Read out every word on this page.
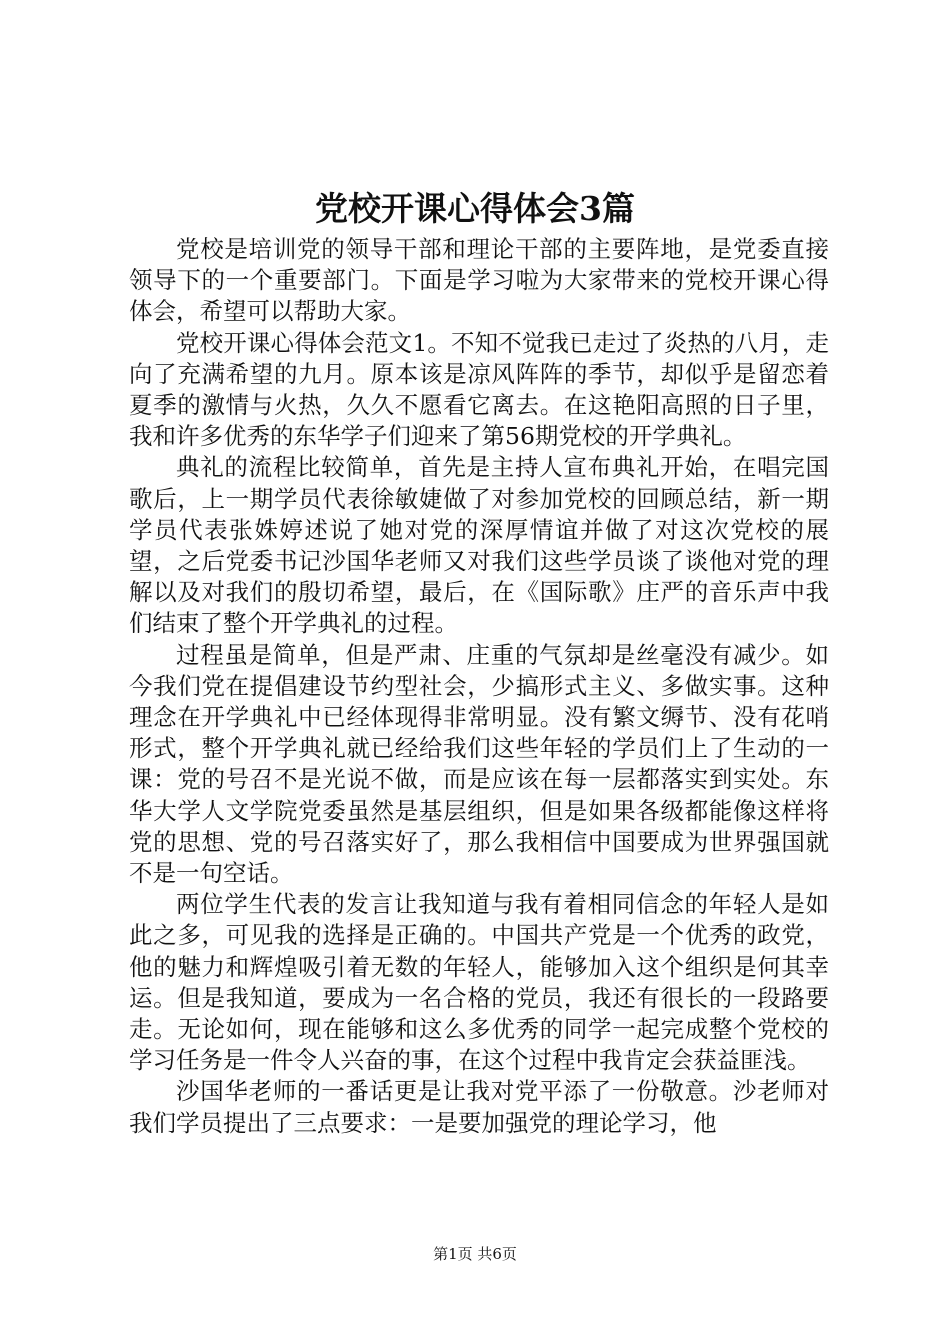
党校开课心得体会3篇

党校是培训党的领导干部和理论干部的主要阵地，是党委直接领导下的一个重要部门。下面是学习啦为大家带来的党校开课心得体会，希望可以帮助大家。

党校开课心得体会范文1。不知不觉我已走过了炎热的八月，走向了充满希望的九月。原本该是凉风阵阵的季节，却似乎是留恋着夏季的激情与火热，久久不愿看它离去。在这艳阳高照的日子里，我和许多优秀的东华学子们迎来了第56期党校的开学典礼。

典礼的流程比较简单，首先是主持人宣布典礼开始，在唱完国歌后，上一期学员代表徐敏婕做了对参加党校的回顾总结，新一期学员代表张姝婷述说了她对党的深厚情谊并做了对这次党校的展望，之后党委书记沙国华老师又对我们这些学员谈了谈他对党的理解以及对我们的殷切希望，最后，在《国际歌》庄严的音乐声中我们结束了整个开学典礼的过程。

过程虽是简单，但是严肃、庄重的气氛却是丝毫没有减少。如今我们党在提倡建设节约型社会，少搞形式主义、多做实事。这种理念在开学典礼中已经体现得非常明显。没有繁文缛节、没有花哨形式，整个开学典礼就已经给我们这些年轻的学员们上了生动的一课：党的号召不是光说不做，而是应该在每一层都落实到实处。东华大学人文学院党委虽然是基层组织，但是如果各级都能像这样将党的思想、党的号召落实好了，那么我相信中国要成为世界强国就不是一句空话。

两位学生代表的发言让我知道与我有着相同信念的年轻人是如此之多，可见我的选择是正确的。中国共产党是一个优秀的政党，他的魅力和辉煌吸引着无数的年轻人，能够加入这个组织是何其幸运。但是我知道，要成为一名合格的党员，我还有很长的一段路要走。无论如何，现在能够和这么多优秀的同学一起完成整个党校的学习任务是一件令人兴奋的事，在这个过程中我肯定会获益匪浅。

沙国华老师的一番话更是让我对党平添了一份敬意。沙老师对我们学员提出了三点要求：一是要加强党的理论学习，他

第1页 共6页
